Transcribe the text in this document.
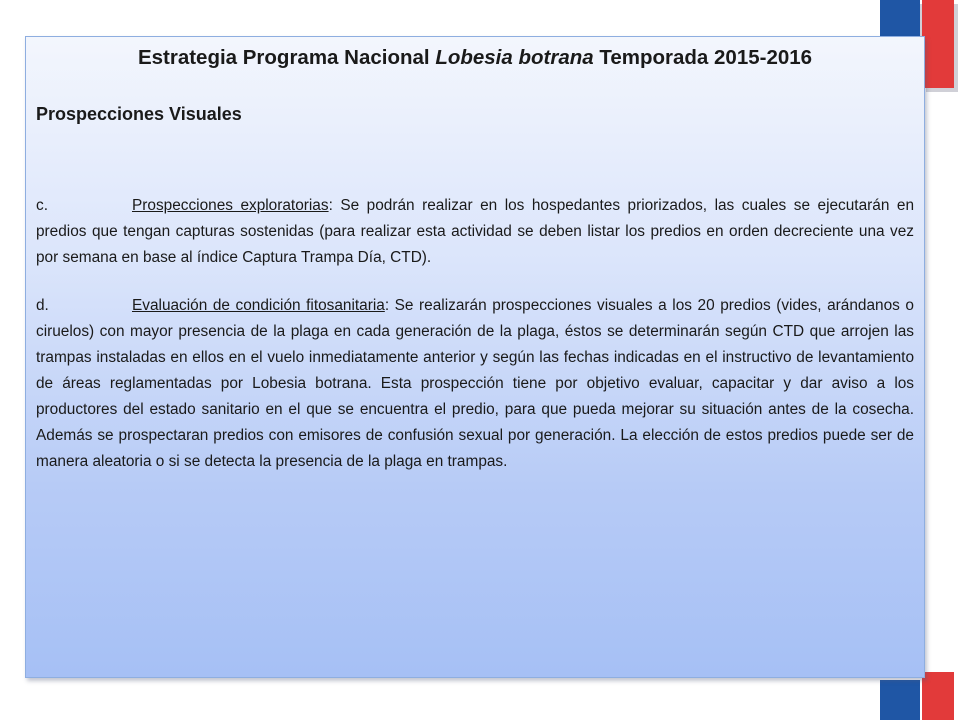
Estrategia Programa Nacional Lobesia botrana Temporada 2015-2016

Prospecciones Visuales

c.	Prospecciones exploratorias: Se podrán realizar en los hospedantes priorizados, las cuales se ejecutarán en predios que tengan capturas sostenidas (para realizar esta actividad se deben listar los predios en orden decreciente una vez por semana en base al índice Captura Trampa Día, CTD).

d.	Evaluación de condición fitosanitaria: Se realizarán prospecciones visuales a los 20 predios (vides, arándanos o ciruelos) con mayor presencia de la plaga en cada generación de la plaga, éstos se determinarán según CTD que arrojen las trampas instaladas en ellos en el vuelo inmediatamente anterior y según las fechas indicadas en el instructivo de levantamiento de áreas reglamentadas por Lobesia botrana. Esta prospección tiene por objetivo evaluar, capacitar y dar aviso a los productores del estado sanitario en el que se encuentra el predio, para que pueda mejorar su situación antes de la cosecha. Además se prospectaran predios con emisores de confusión sexual por generación. La elección de estos predios puede ser de manera aleatoria o si se detecta la presencia de la plaga en trampas.
